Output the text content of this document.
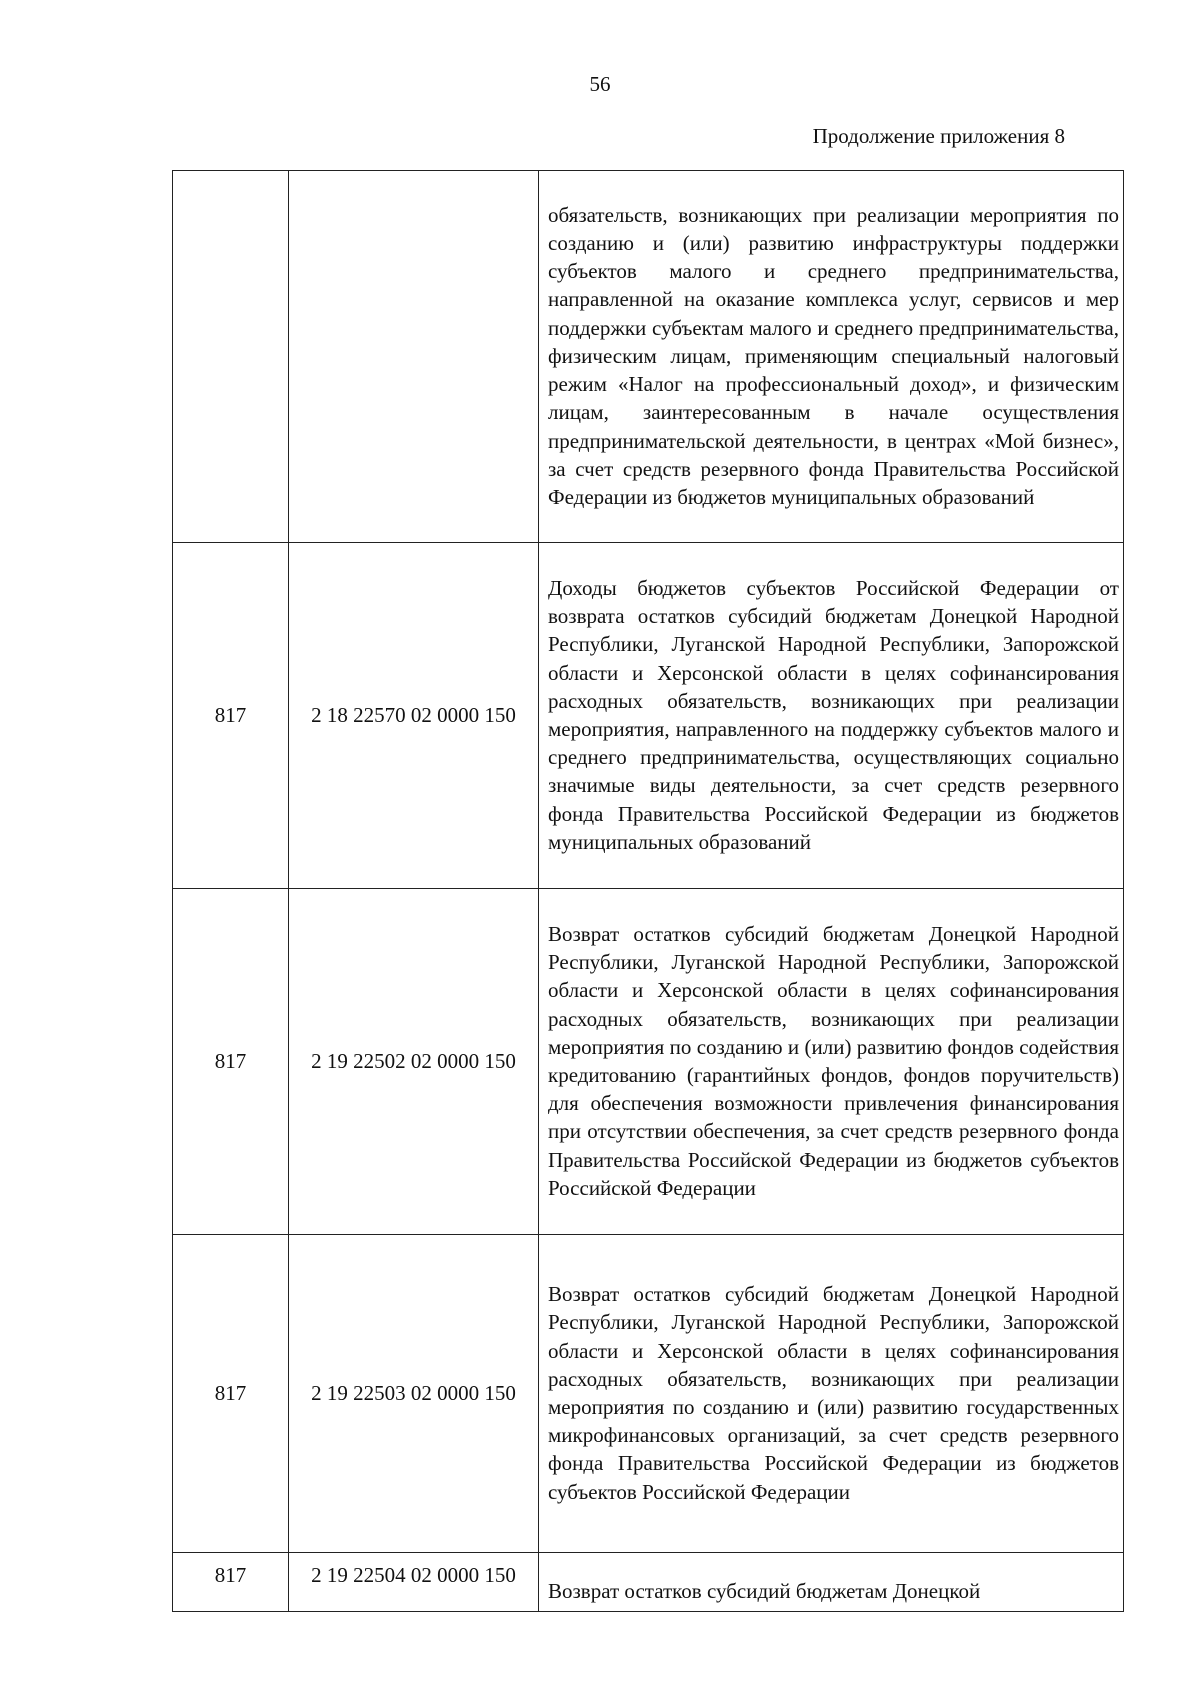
56
Продолжение приложения 8
		обязательств, возникающих при реализации мероприятия по созданию и (или) развитию инфраструктуры поддержки субъектов малого и среднего предпринимательства, направленной на оказание комплекса услуг, сервисов и мер поддержки субъектам малого и среднего предпринимательства, физическим лицам, применяющим специальный налоговый режим «Налог на профессиональный доход», и физическим лицам, заинтересованным в начале осуществления предпринимательской деятельности, в центрах «Мой бизнес», за счет средств резервного фонда Правительства Российской Федерации из бюджетов муниципальных образований
817	2 18 22570 02 0000 150	Доходы бюджетов субъектов Российской Федерации от возврата остатков субсидий бюджетам Донецкой Народной Республики, Луганской Народной Республики, Запорожской области и Херсонской области в целях софинансирования расходных обязательств, возникающих при реализации мероприятия, направленного на поддержку субъектов малого и среднего предпринимательства, осуществляющих социально значимые виды деятельности, за счет средств резервного фонда Правительства Российской Федерации из бюджетов муниципальных образований
817	2 19 22502 02 0000 150	Возврат остатков субсидий бюджетам Донецкой Народной Республики, Луганской Народной Республики, Запорожской области и Херсонской области в целях софинансирования расходных обязательств, возникающих при реализации мероприятия по созданию и (или) развитию фондов содействия кредитованию (гарантийных фондов, фондов поручительств) для обеспечения возможности привлечения финансирования при отсутствии обеспечения, за счет средств резервного фонда Правительства Российской Федерации из бюджетов субъектов Российской Федерации
817	2 19 22503 02 0000 150	Возврат остатков субсидий бюджетам Донецкой Народной Республики, Луганской Народной Республики, Запорожской области и Херсонской области в целях софинансирования расходных обязательств, возникающих при реализации мероприятия по созданию и (или) развитию государственных микрофинансовых организаций, за счет средств резервного фонда Правительства Российской Федерации из бюджетов субъектов Российской Федерации
817	2 19 22504 02 0000 150	Возврат остатков субсидий бюджетам Донецкой
